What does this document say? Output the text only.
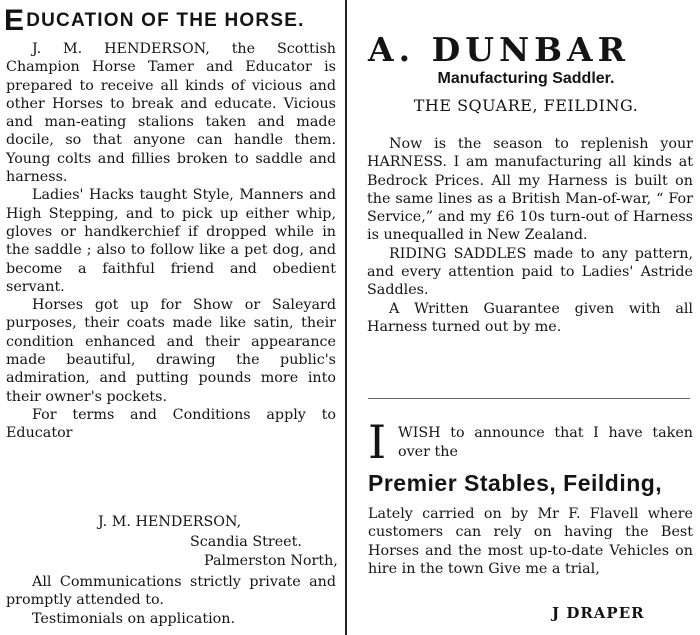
EDUCATION OF THE HORSE.

J. M. HENDERSON, the Scottish Champion Horse Tamer and Educator is prepared to receive all kinds of vicious and other Horses to break and educate. Vicious and man-eating stalions taken and made docile, so that anyone can handle them. Young colts and fillies broken to saddle and harness.

Ladies' Hacks taught Style, Manners and High Stepping, and to pick up either whip, gloves or handkerchief if dropped while in the saddle ; also to follow like a pet dog, and become a faithful friend and obedient servant.

Horses got up for Show or Saleyard purposes, their coats made like satin, their condition enhanced and their appearance made beautiful, drawing the public's admiration, and putting pounds more into their owner's pockets.

For terms and Conditions apply to Educator

J. M. HENDERSON,
Scandia Street.
Palmerston North,

All Communications strictly private and promptly attended to.

Testimonials on application.

A. DUNBAR
Manufacturing Saddler.
THE SQUARE, FEILDING.

Now is the season to replenish your HARNESS. I am manufacturing all kinds at Bedrock Prices. All my Harness is built on the same lines as a British Man-of-war, “ For Service,” and my £6 10s turn-out of Harness is unequalled in New Zealand.

RIDING SADDLES made to any pattern, and every attention paid to Ladies' Astride Saddles.

A Written Guarantee given with all Harness turned out by me.

I WISH to announce that I have taken over the
Premier Stables, Feilding,
Lately carried on by Mr F. Flavell where customers can rely on having the Best Horses and the most up-to-date Vehicles on hire in the town Give me a trial,
J DRAPER
